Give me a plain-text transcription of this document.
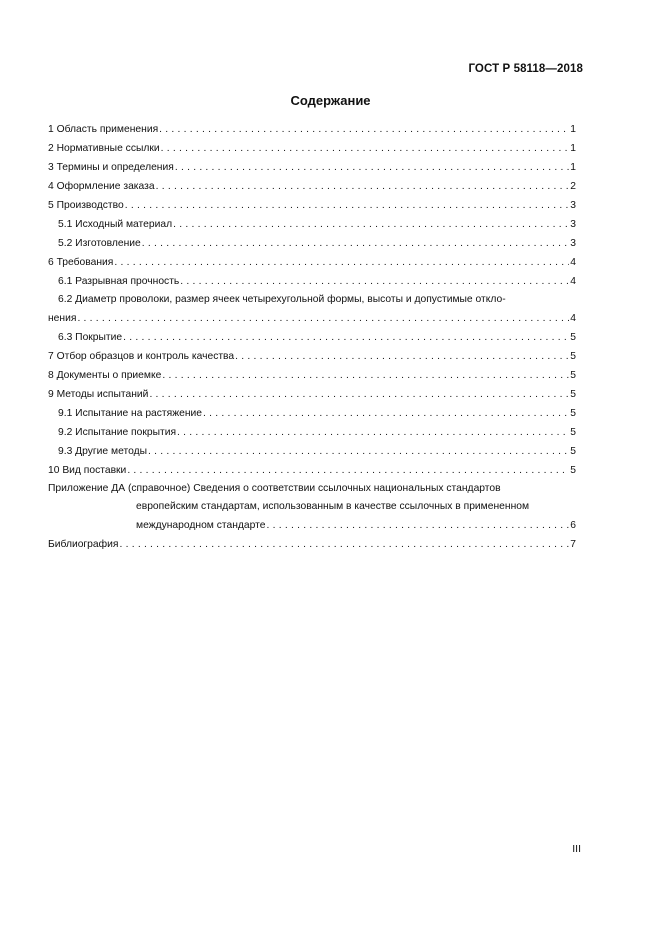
ГОСТ Р 58118—2018
Содержание
1 Область применения . . .	1
2 Нормативные ссылки . . .	1
3 Термины и определения . . .	1
4 Оформление заказа . . .	2
5 Производство . . .	3
5.1 Исходный материал . . .	3
5.2 Изготовление . . .	3
6 Требования . . .	4
6.1 Разрывная прочность . . .	4
6.2 Диаметр проволоки, размер ячеек четырехугольной формы, высоты и допустимые откло-
нения . . .	4
6.3 Покрытие . . .	5
7 Отбор образцов и контроль качества . . .	5
8 Документы о приемке . . .	5
9 Методы испытаний . . .	5
9.1 Испытание на растяжение . . .	5
9.2 Испытание покрытия . . .	5
9.3 Другие методы . . .	5
10 Вид поставки . . .	5
Приложение ДА (справочное) Сведения о соответствии ссылочных национальных стандартов
европейским стандартам, использованным в качестве ссылочных в примененном
международном стандарте . . .	6
Библиография . . .	7
III
